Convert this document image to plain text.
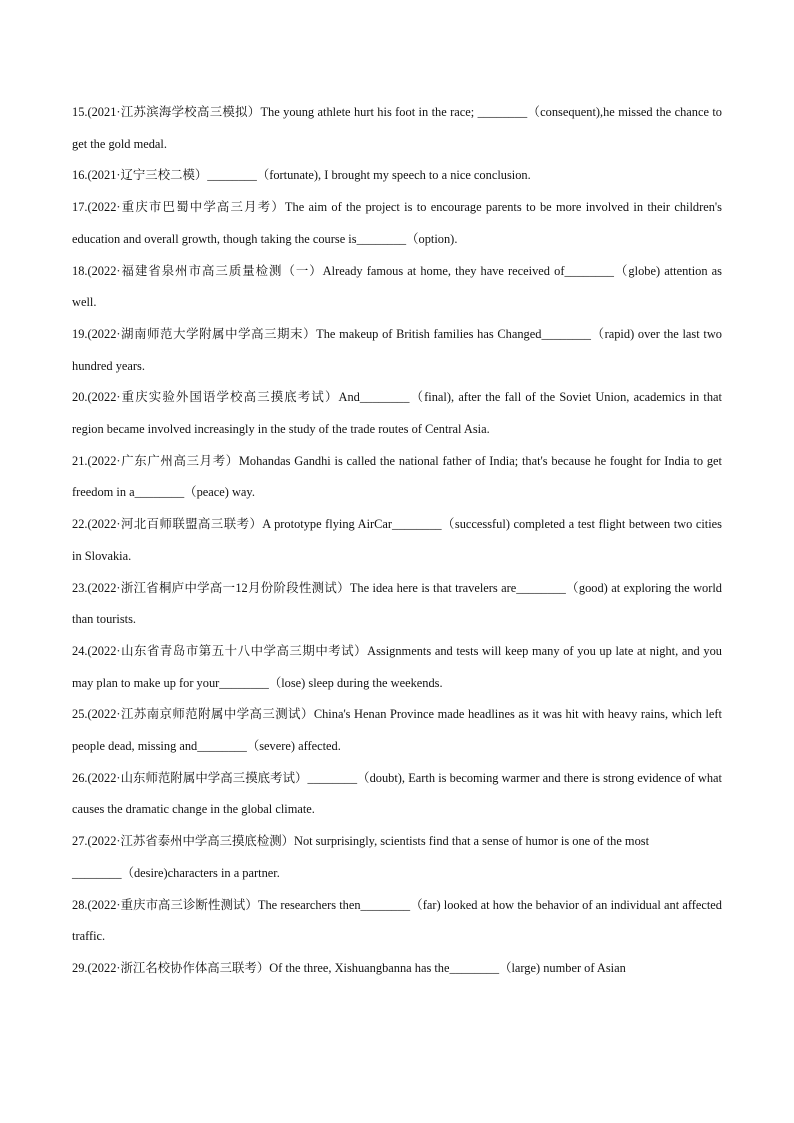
15.(2021·江苏滨海学校高三模拟）The young athlete hurt his foot in the race; ________（consequent),he missed the chance to get the gold medal.

16.(2021·辽宁三校二模）________（fortunate), I brought my speech to a nice conclusion.

17.(2022·重庆市巴蜀中学高三月考）The aim of the project is to encourage parents to be more involved in their children's education and overall growth, though taking the course is________（option).

18.(2022·福建省泉州市高三质量检测（一）Already famous at home, they have received of________（globe) attention as well.

19.(2022·湖南师范大学附属中学高三期末）The makeup of British families has Changed________（rapid) over the last two hundred years.

20.(2022·重庆实验外国语学校高三摸底考试）And________（final), after the fall of the Soviet Union, academics in that region became involved increasingly in the study of the trade routes of Central Asia.

21.(2022·广东广州高三月考）Mohandas Gandhi is called the national father of India; that's because he fought for India to get freedom in a________（peace) way.

22.(2022·河北百师联盟高三联考）A prototype flying AirCar________（successful) completed a test flight between two cities in Slovakia.

23.(2022·浙江省桐庐中学高一12月份阶段性测试）The idea here is that travelers are________（good) at exploring the world than tourists.

24.(2022·山东省青岛市第五十八中学高三期中考试）Assignments and tests will keep many of you up late at night, and you may plan to make up for your________（lose) sleep during the weekends.

25.(2022·江苏南京师范附属中学高三测试）China's Henan Province made headlines as it was hit with heavy rains, which left people dead, missing and________（severe) affected.

26.(2022·山东师范附属中学高三摸底考试）________（doubt), Earth is becoming warmer and there is strong evidence of what causes the dramatic change in the global climate.

27.(2022·江苏省泰州中学高三摸底检测）Not surprisingly, scientists find that a sense of humor is one of the most

________（desire)characters in a partner.

28.(2022·重庆市高三诊断性测试）The researchers then________（far) looked at how the behavior of an individual ant affected traffic.

29.(2022·浙江名校协作体高三联考）Of the three, Xishuangbanna has the________（large) number of Asian
